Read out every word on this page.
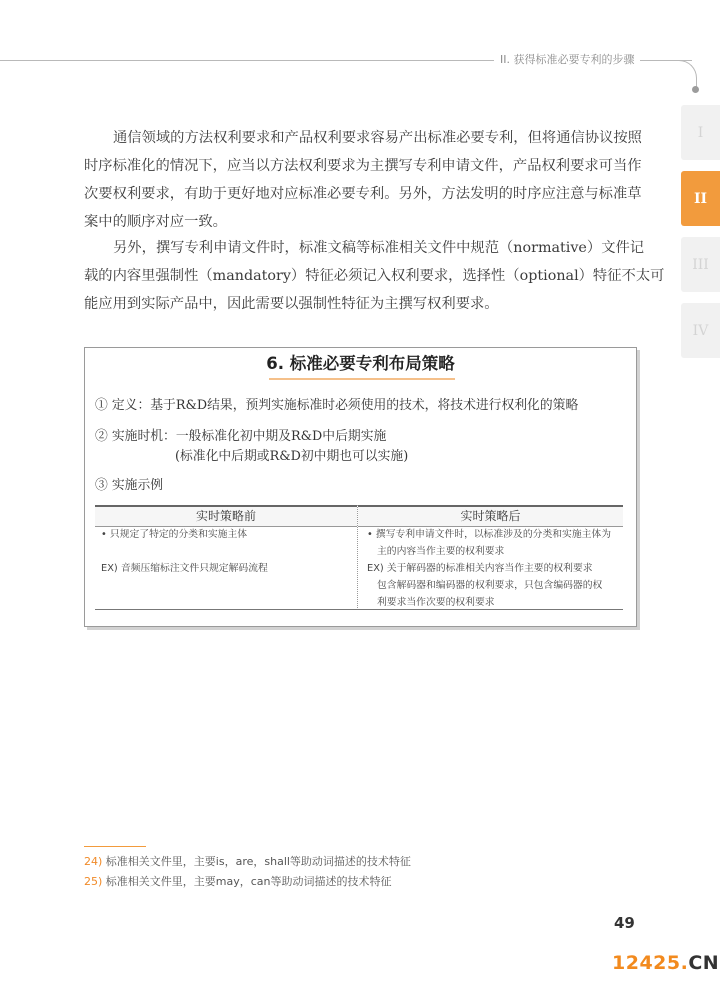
II. 获得标准必要专利的步骤
I
II
III
IV
通信领域的方法权利要求和产品权利要求容易产出标准必要专利，但将通信协议按照
时序标准化的情况下，应当以方法权利要求为主撰写专利申请文件，产品权利要求可当作
次要权利要求，有助于更好地对应标准必要专利。另外，方法发明的时序应注意与标准草
案中的顺序对应一致。
另外，撰写专利申请文件时，标准文稿等标准相关文件中规范（normative）文件记
载的内容里强制性（mandatory）特征必须记入权利要求，选择性（optional）特征不太可
能应用到实际产品中，因此需要以强制性特征为主撰写权利要求。
6. 标准必要专利布局策略
① 定义：基于R&D结果，预判实施标准时必须使用的技术，将技术进行权利化的策略
② 实施时机：一般标准化初中期及R&D中后期实施
(标准化中后期或R&D初中期也可以实施)
③ 实施示例
实时策略前	实时策略后
• 只规定了特定的分类和实施主体
EX) 音频压缩标注文件只规定解码流程
• 撰写专利申请文件时，以标准涉及的分类和实施主体为
主的内容当作主要的权利要求
EX) 关于解码器的标准相关内容当作主要的权利要求
包含解码器和编码器的权利要求，只包含编码器的权
利要求当作次要的权利要求
24) 标准相关文件里，主要is，are，shall等助动词描述的技术特征
25) 标准相关文件里，主要may，can等助动词描述的技术特征
49
12425.CN
